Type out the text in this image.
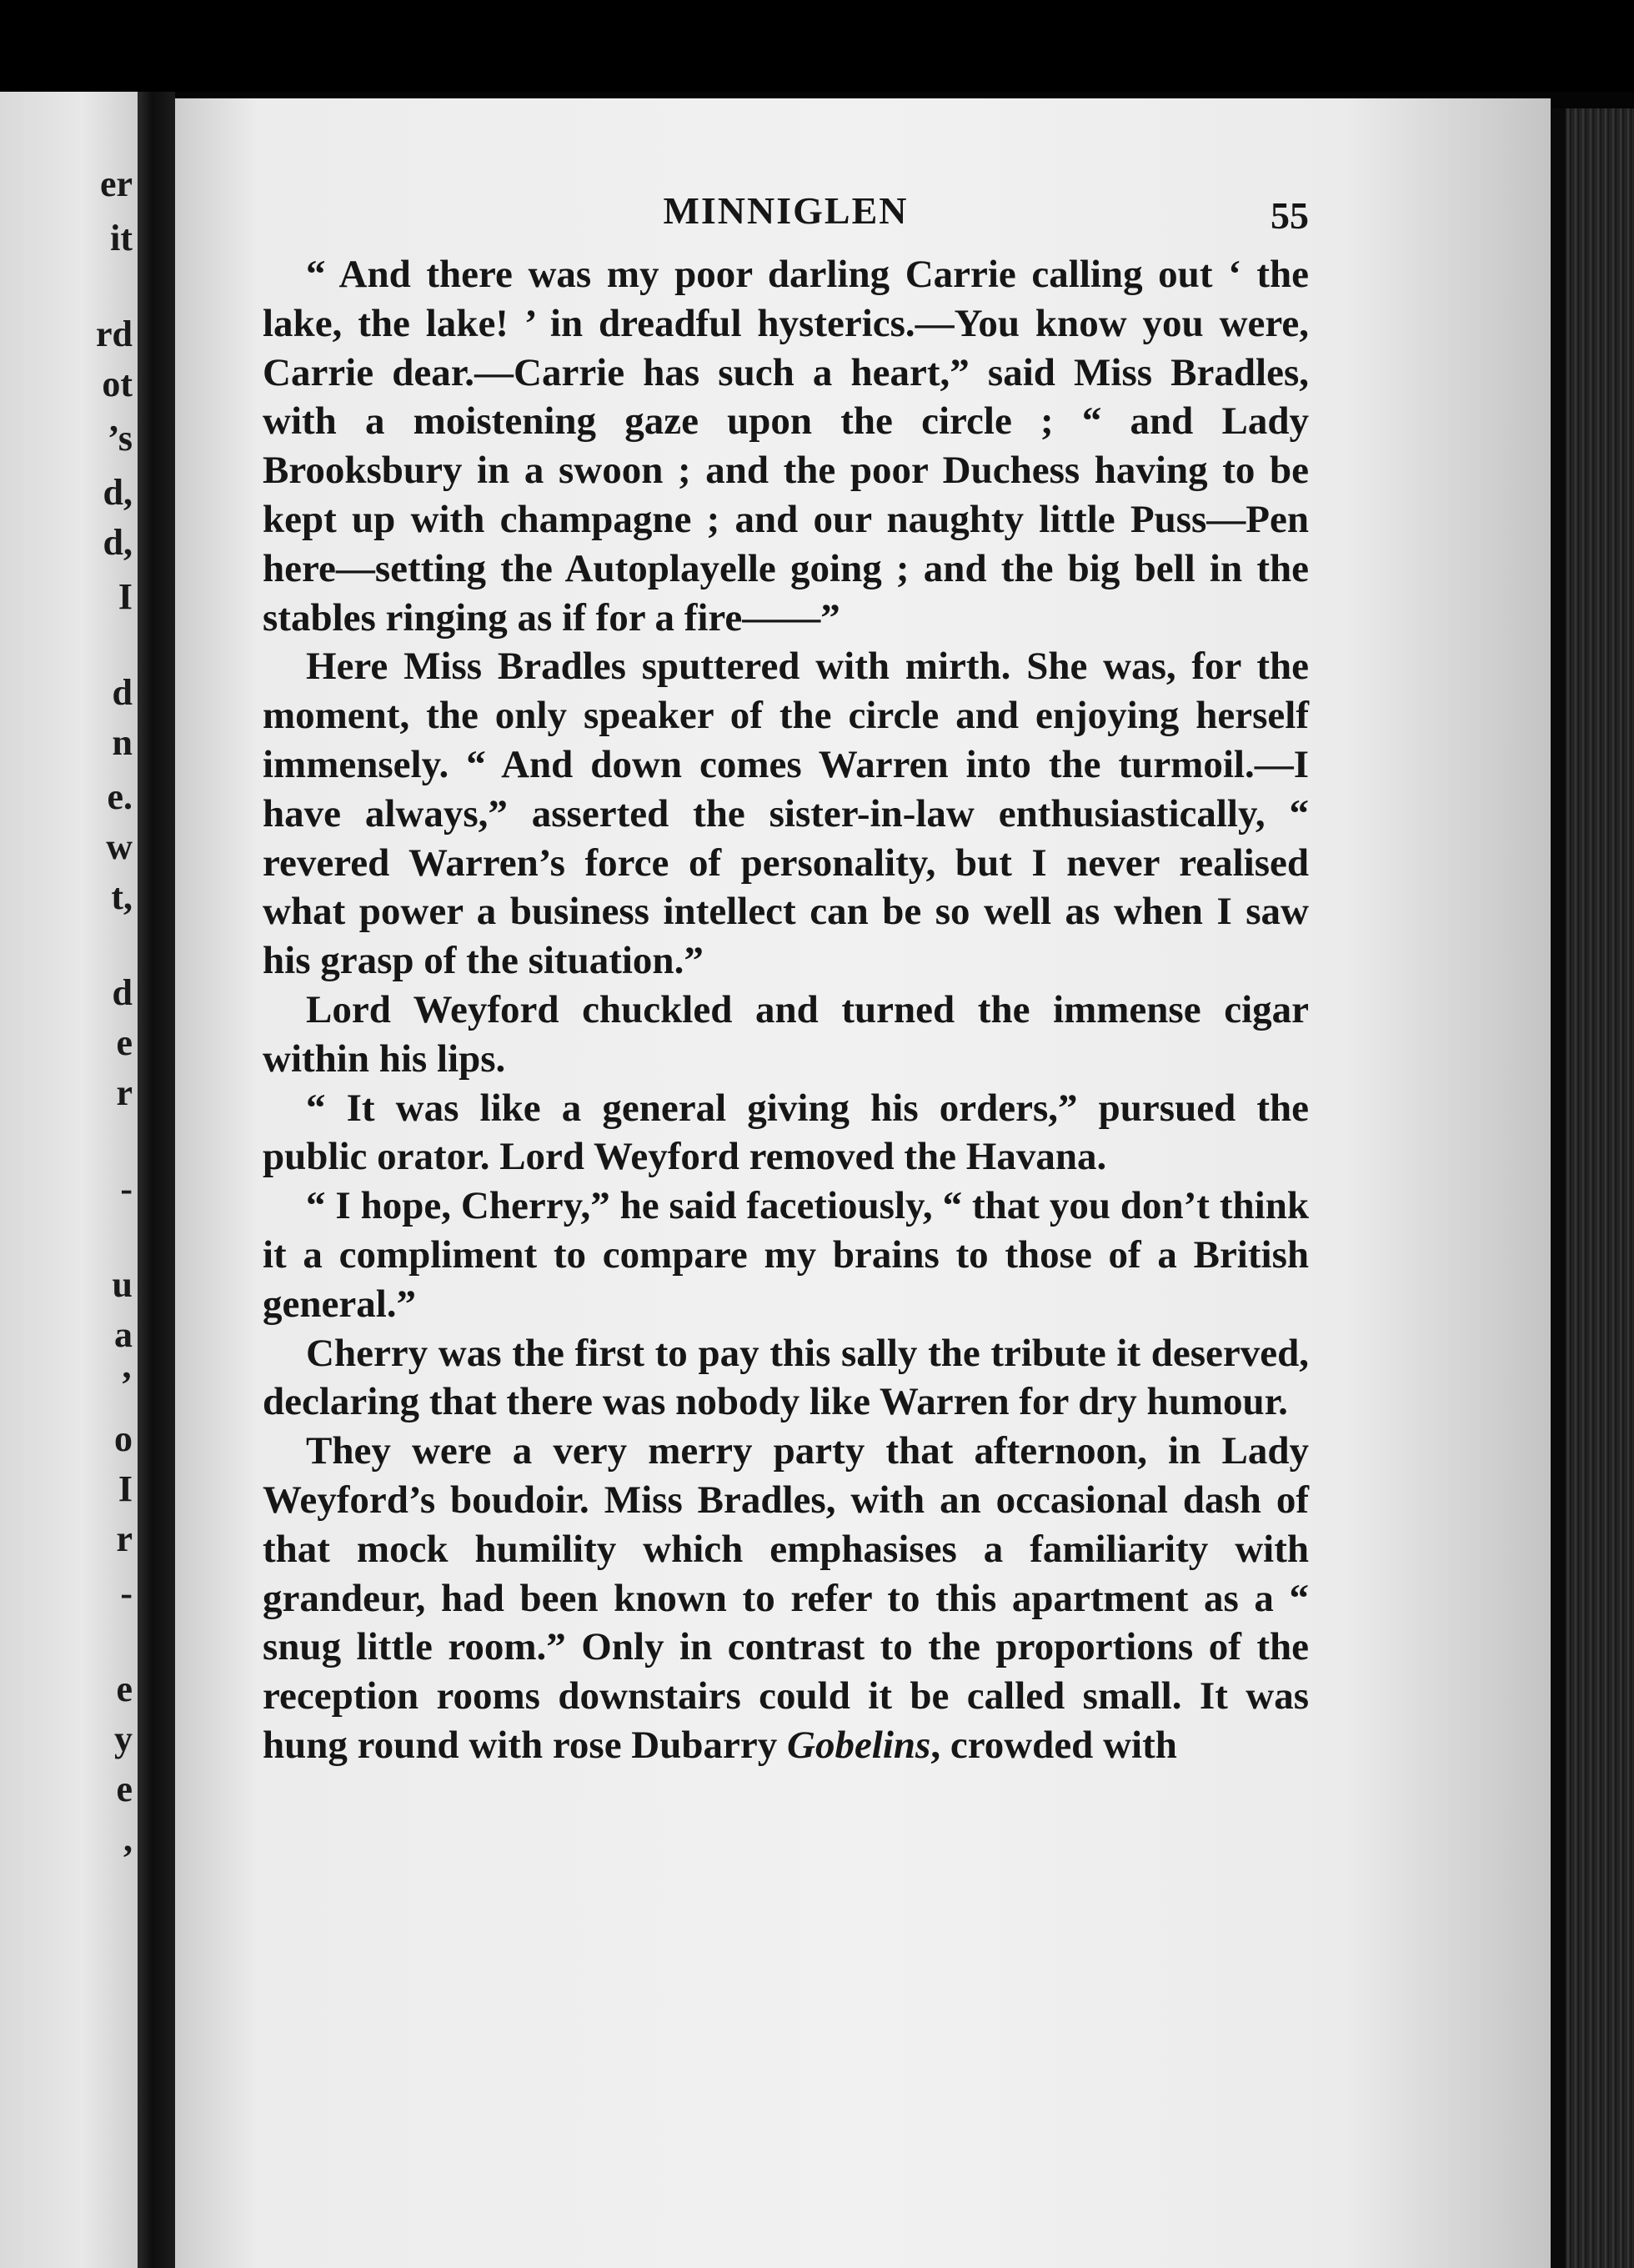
er
it
rd
ot
’s
d,
d,
I
d
n
e.
w
t,
d
e
r
-
u
a
’
o
I
r
-
e
y
e
,
MINNIGLEN	55

“ And there was my poor darling Carrie calling out ‘ the lake, the lake! ’ in dreadful hysterics.—You know you were, Carrie dear.—Carrie has such a heart,” said Miss Bradles, with a moistening gaze upon the circle ; “ and Lady Brooksbury in a swoon ; and the poor Duchess having to be kept up with champagne ; and our naughty little Puss—Pen here—setting the Autoplayelle going ; and the big bell in the stables ringing as if for a fire——”

Here Miss Bradles sputtered with mirth. She was, for the moment, the only speaker of the circle and enjoying herself immensely. “ And down comes Warren into the turmoil.—I have always,” asserted the sister-in-law enthusiastically, “ revered Warren’s force of personality, but I never realised what power a business intellect can be so well as when I saw his grasp of the situation.”

Lord Weyford chuckled and turned the immense cigar within his lips.

“ It was like a general giving his orders,” pursued the public orator. Lord Weyford removed the Havana.

“ I hope, Cherry,” he said facetiously, “ that you don’t think it a compliment to compare my brains to those of a British general.”

Cherry was the first to pay this sally the tribute it deserved, declaring that there was nobody like Warren for dry humour.

They were a very merry party that afternoon, in Lady Weyford’s boudoir. Miss Bradles, with an occasional dash of that mock humility which emphasises a familiarity with grandeur, had been known to refer to this apartment as a “ snug little room.” Only in contrast to the proportions of the reception rooms downstairs could it be called small. It was hung round with rose Dubarry Gobelins, crowded with
